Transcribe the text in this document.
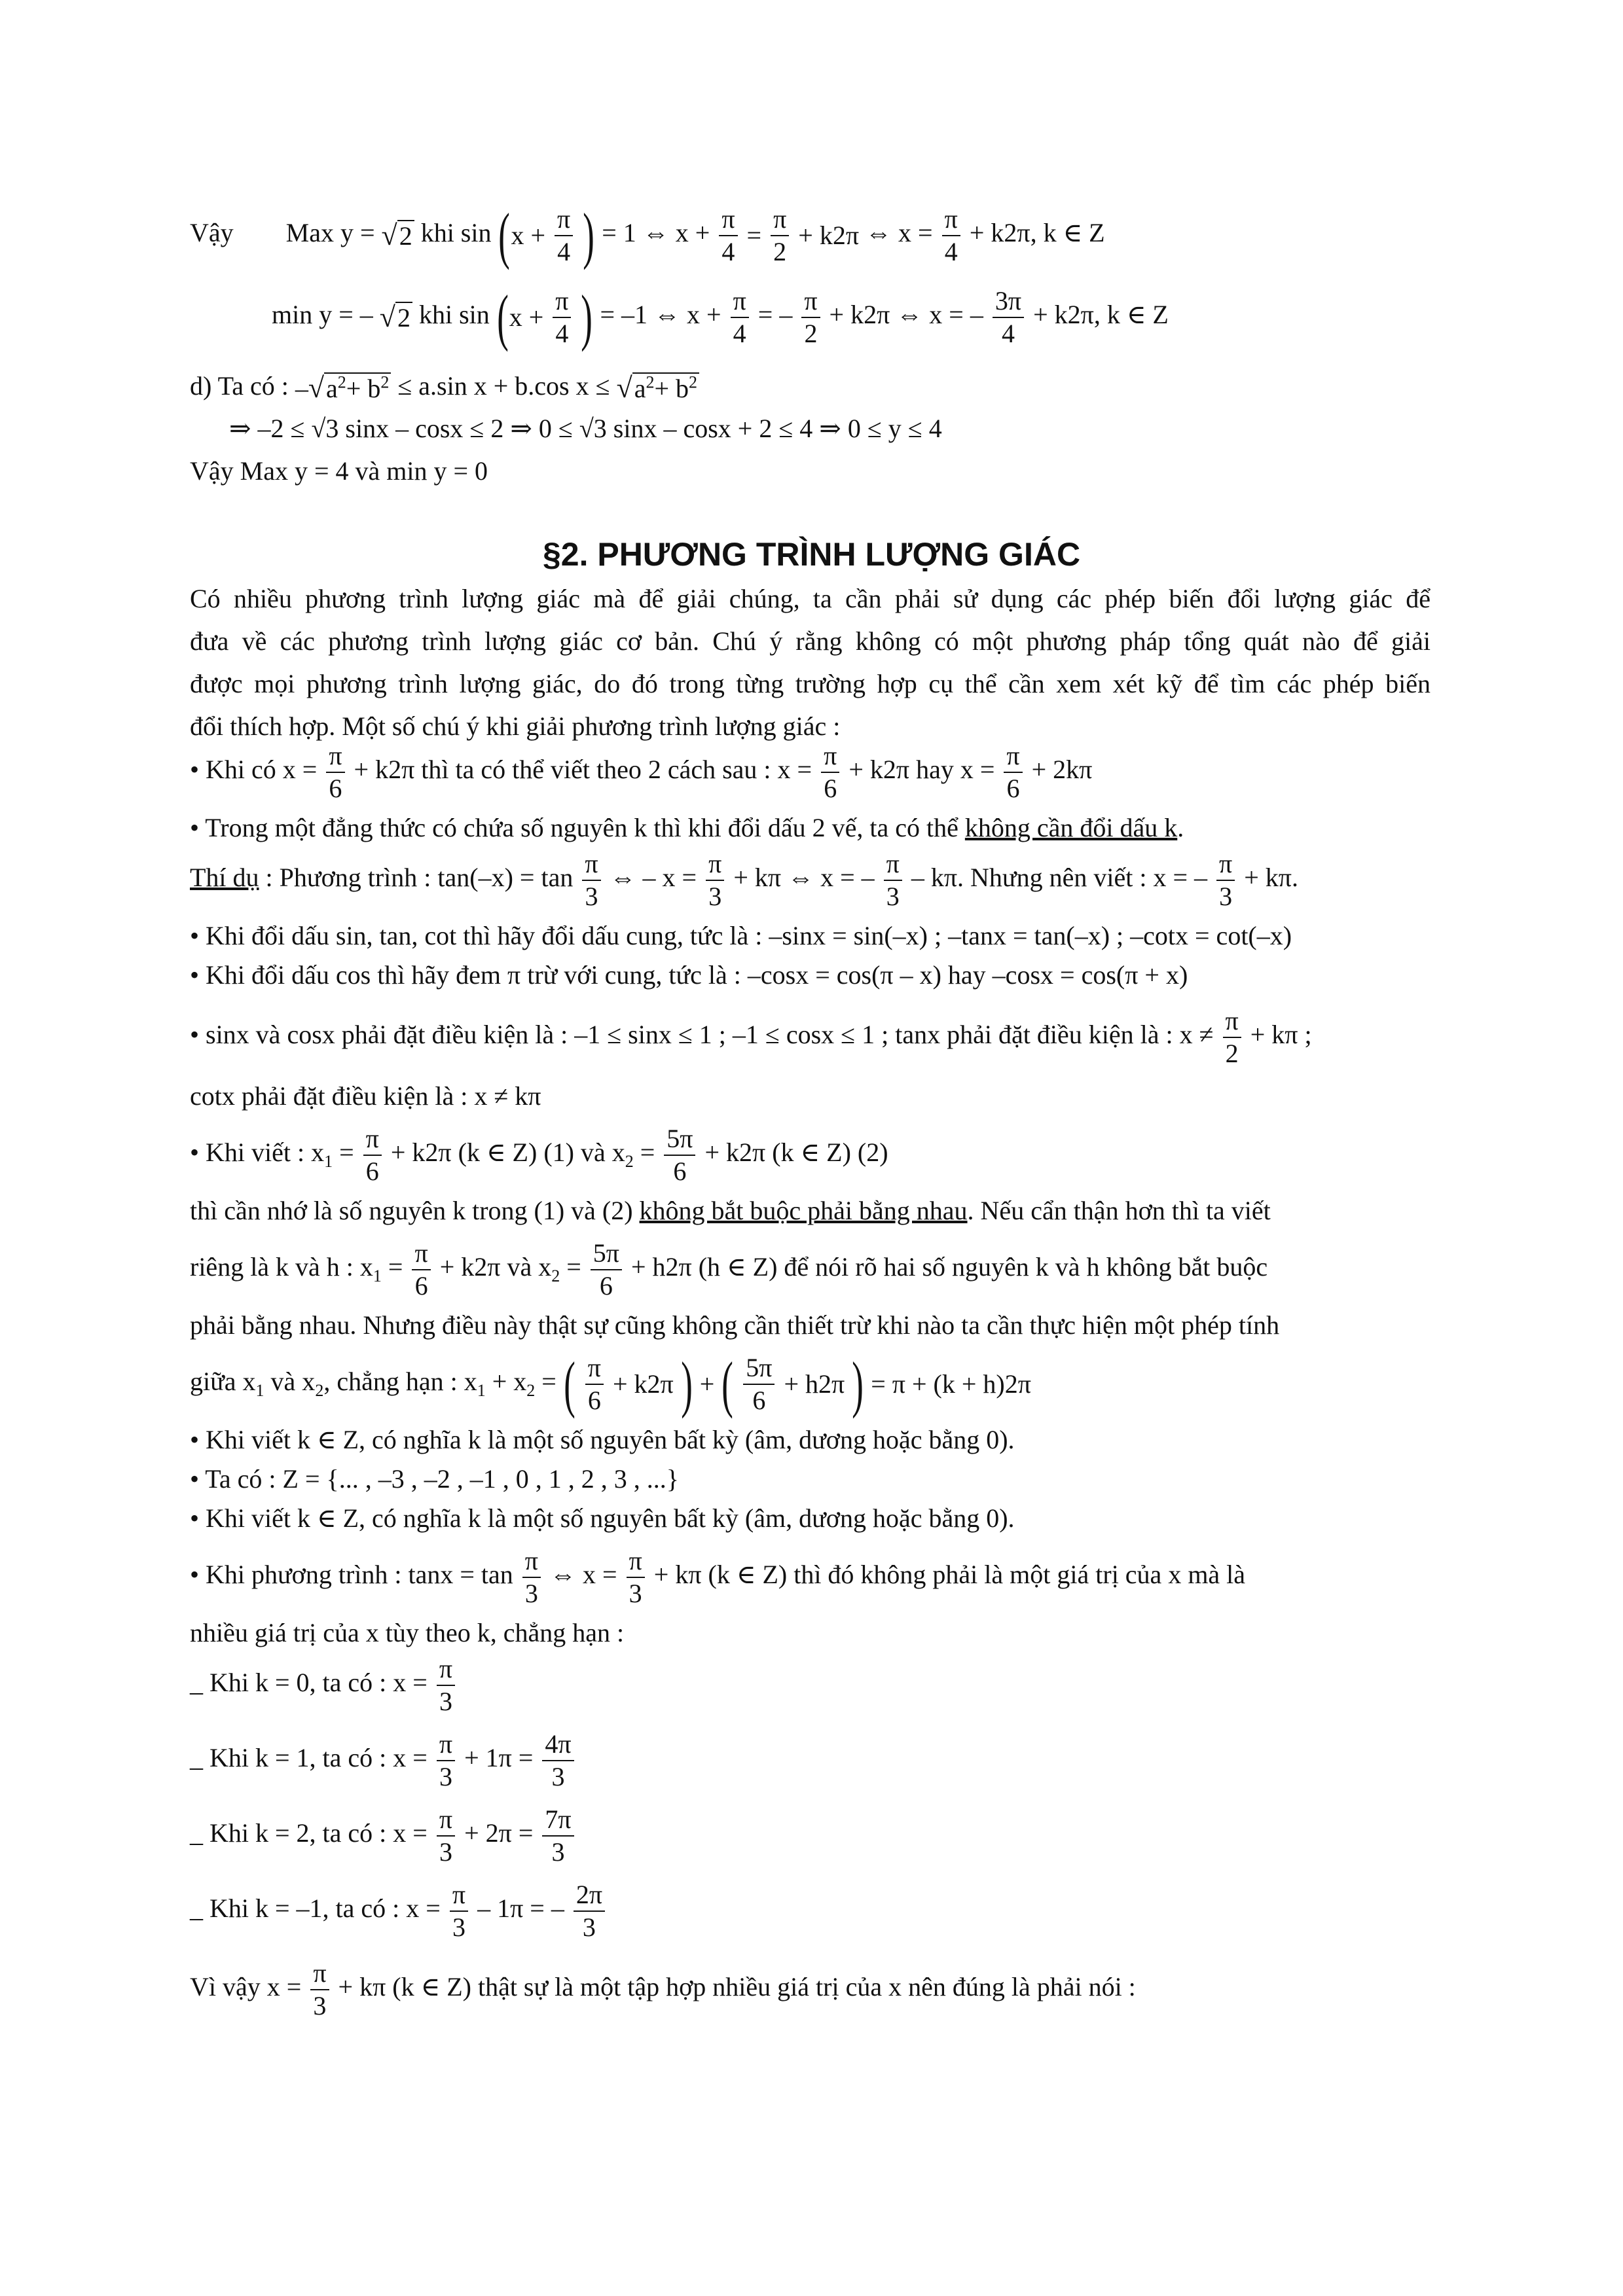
Vậy Max y = √2 khi $\sin (x + \frac{\pi}{4}$ ) = 1 ⇔ $x + \frac{\pi}{4} = \frac{\pi}{2} + k2\pi$ ⇔ $x = \frac{\pi}{4} + k2\pi$, k ∈ Z
min y = – √2 khi $\sin (x + \frac{\pi}{4}$ ) = –1 ⇔ $x + \frac{\pi}{4}$ = – $\frac{\pi}{2} + k2\pi$ ⇔ x = – $\frac{3\pi}{4} + k2\pi$, k ∈ Z
d) Ta có : $-√a^2+ b^2 \le a.\sin$ x + b.cos $x \le √a^2+ b^2$
⇒ –2 ≤ √3 sinx – cosx ≤ 2 ⇒ 0 ≤ √3 sinx – cosx + 2 ≤ 4 ⇒ 0 ≤ y ≤ 4
Vậy Max y = 4 và min y = 0
§2. PHƯƠNG TRÌNH LƯỢNG GIÁC
Có nhiều phương trình lượng giác mà để giải chúng, ta cần phải sử dụng các phép biến đổi lượng giác để
đưa về các phương trình lượng giác cơ bản. Chú ý rằng không có một phương pháp tổng quát nào để giải
được mọi phương trình lượng giác, do đó trong từng trường hợp cụ thể cần xem xét kỹ để tìm các phép biến
đổi thích hợp. Một số chú ý khi giải phương trình lượng giác :
• Khi có $x = \frac{\pi}{6} + k2\pi$ thì ta có thể viết theo 2 cách sau : $x = \frac{\pi}{6} + k2\pi$ hay $x = \frac{\pi}{6} + 2k\pi$
• Trong một đẳng thức có chứa số nguyên k thì khi đổi dấu 2 vế, ta có thể không cần đổi dấu k.
Thí dụ : Phương trình : $\tan(-x) = \tan \frac{\pi}{3}$ ⇔ – $x = \frac{\pi}{3} + k\pi$ ⇔ x = – $\frac{\pi}{3}$ – kπ. Nhưng nên viết : x = – $\frac{\pi}{3} + k\pi$.
• Khi đổi dấu sin, tan, cot thì hãy đổi dấu cung, tức là : –sinx = sin(–x) ; –tanx = tan(–x) ; –cotx = cot(–x)
• Khi đổi dấu cos thì hãy đem π trừ với cung, tức là : –cosx = cos(π – x) hay –cosx = cos(π + x)
• sinx và cosx phải đặt điều kiện là : –1 ≤ sinx ≤ 1 ; –1 ≤ cosx ≤ 1 ; tanx phải đặt điều kiện là : $x \ne \frac{\pi}{2} + k\pi$ ;
cotx phải đặt điều kiện là : x ≠ kπ
• Khi viết : $x_1 = \frac{\pi}{6} + k2\pi$ (k ∈ Z) (1) và $x_2 = \frac{5\pi}{6} + k2\pi$ (k ∈ Z) (2)
thì cần nhớ là số nguyên k trong (1) và (2) không bắt buộc phải bằng nhau. Nếu cẩn thận hơn thì ta viết
riêng là k và h : $x_1 = \frac{\pi}{6} + k2\pi$ và $x_2 = \frac{5\pi}{6} + h2\pi$ (h ∈ Z) để nói rõ hai số nguyên k và h không bắt buộc
phải bằng nhau. Nhưng điều này thật sự cũng không cần thiết trừ khi nào ta cần thực hiện một phép tính
giữa $x_1$ và $x_2$, chẳng hạn : $x_1 + x_2$ = ( $\frac{\pi}{6} + k2\pi$ ) + ( $\frac{5\pi}{6} + h2\pi$ ) = π + (k + h)2π
• Khi viết k ∈ Z, có nghĩa k là một số nguyên bất kỳ (âm, dương hoặc bằng 0).
• Ta có : Z = {... , –3 , –2 , –1 , 0 , 1 , 2 , 3 , ...}
• Khi viết k ∈ Z, có nghĩa k là một số nguyên bất kỳ (âm, dương hoặc bằng 0).
• Khi phương trình : $\tan x = \tan \frac{\pi}{3}$ ⇔ $x = \frac{\pi}{3} + k\pi$ (k ∈ Z) thì đó không phải là một giá trị của x mà là
nhiều giá trị của x tùy theo k, chẳng hạn :
_ Khi k = 0, ta có : $x = \frac{\pi}{3}$
_ Khi k = 1, ta có : $x = \frac{\pi}{3} + 1\pi = \frac{4\pi}{3}$
_ Khi k = 2, ta có : $x = \frac{\pi}{3} + 2\pi = \frac{7\pi}{3}$
_ Khi k = –1, ta có : $x = \frac{\pi}{3} - 1\pi$ = – $\frac{2\pi}{3}$
Vì vậy $x = \frac{\pi}{3} + k\pi$ (k ∈ Z) thật sự là một tập hợp nhiều giá trị của x nên đúng là phải nói :
